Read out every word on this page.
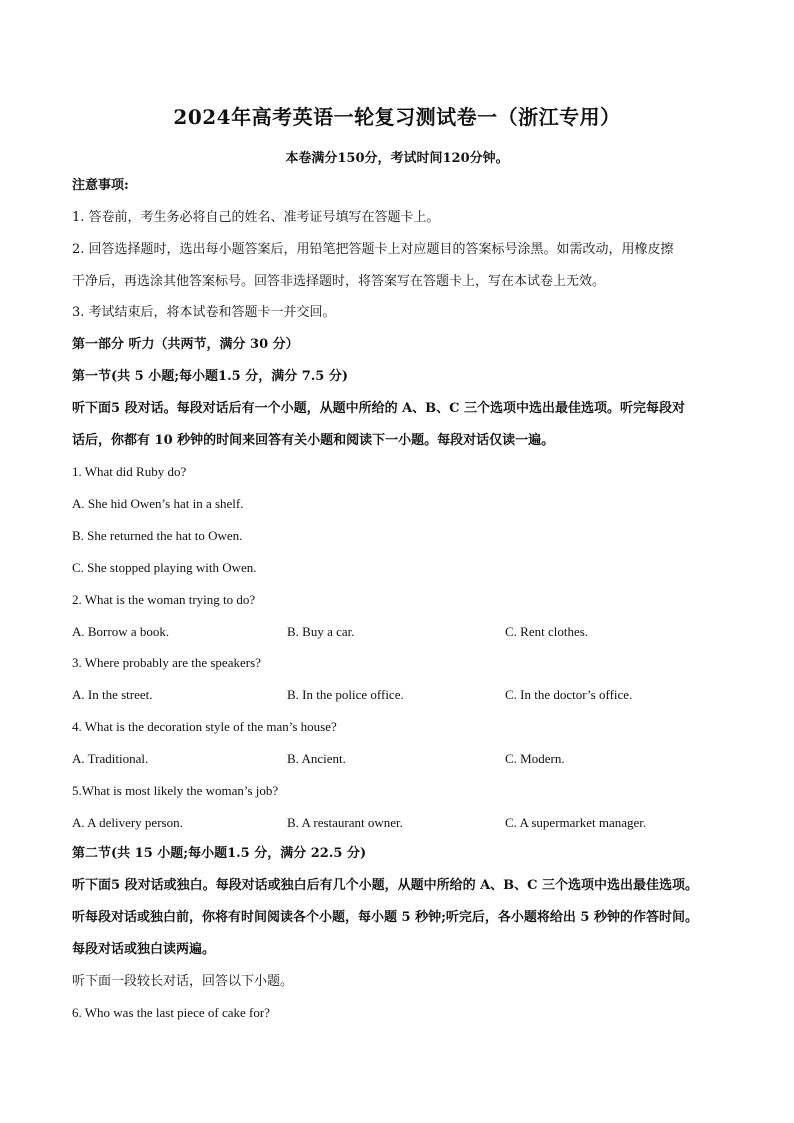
2024年高考英语一轮复习测试卷一（浙江专用）
本卷满分150分，考试时间120分钟。
注意事项:
1. 答卷前，考生务必将自己的姓名、准考证号填写在答题卡上。
2. 回答选择题时，选出每小题答案后，用铅笔把答题卡上对应题目的答案标号涂黑。如需改动，用橡皮擦
干净后，再选涂其他答案标号。回答非选择题时，将答案写在答题卡上，写在本试卷上无效。
3. 考试结束后，将本试卷和答题卡一并交回。
第一部分 听力（共两节，满分 30 分）
第一节(共 5 小题;每小题1.5 分，满分 7.5 分)
听下面5 段对话。每段对话后有一个小题，从题中所给的 A、B、C 三个选项中选出最佳选项。听完每段对
话后，你都有 10 秒钟的时间来回答有关小题和阅读下一小题。每段对话仅读一遍。
1. What did Ruby do?
A. She hid Owen’s hat in a shelf.
B. She returned the hat to Owen.
C. She stopped playing with Owen.
2. What is the woman trying to do?
A. Borrow a book.	B. Buy a car.	C. Rent clothes.
3. Where probably are the speakers?
A. In the street.	B. In the police office.	C. In the doctor’s office.
4. What is the decoration style of the man’s house?
A. Traditional.	B. Ancient.	C. Modern.
5.What is most likely the woman’s job?
A. A delivery person.	B. A restaurant owner.	C. A supermarket manager.
第二节(共 15 小题;每小题1.5 分，满分 22.5 分)
听下面5 段对话或独白。每段对话或独白后有几个小题，从题中所给的 A、B、C 三个选项中选出最佳选项。
听每段对话或独白前，你将有时间阅读各个小题，每小题 5 秒钟;听完后，各小题将给出 5 秒钟的作答时间。
每段对话或独白读两遍。
听下面一段较长对话，回答以下小题。
6. Who was the last piece of cake for?
